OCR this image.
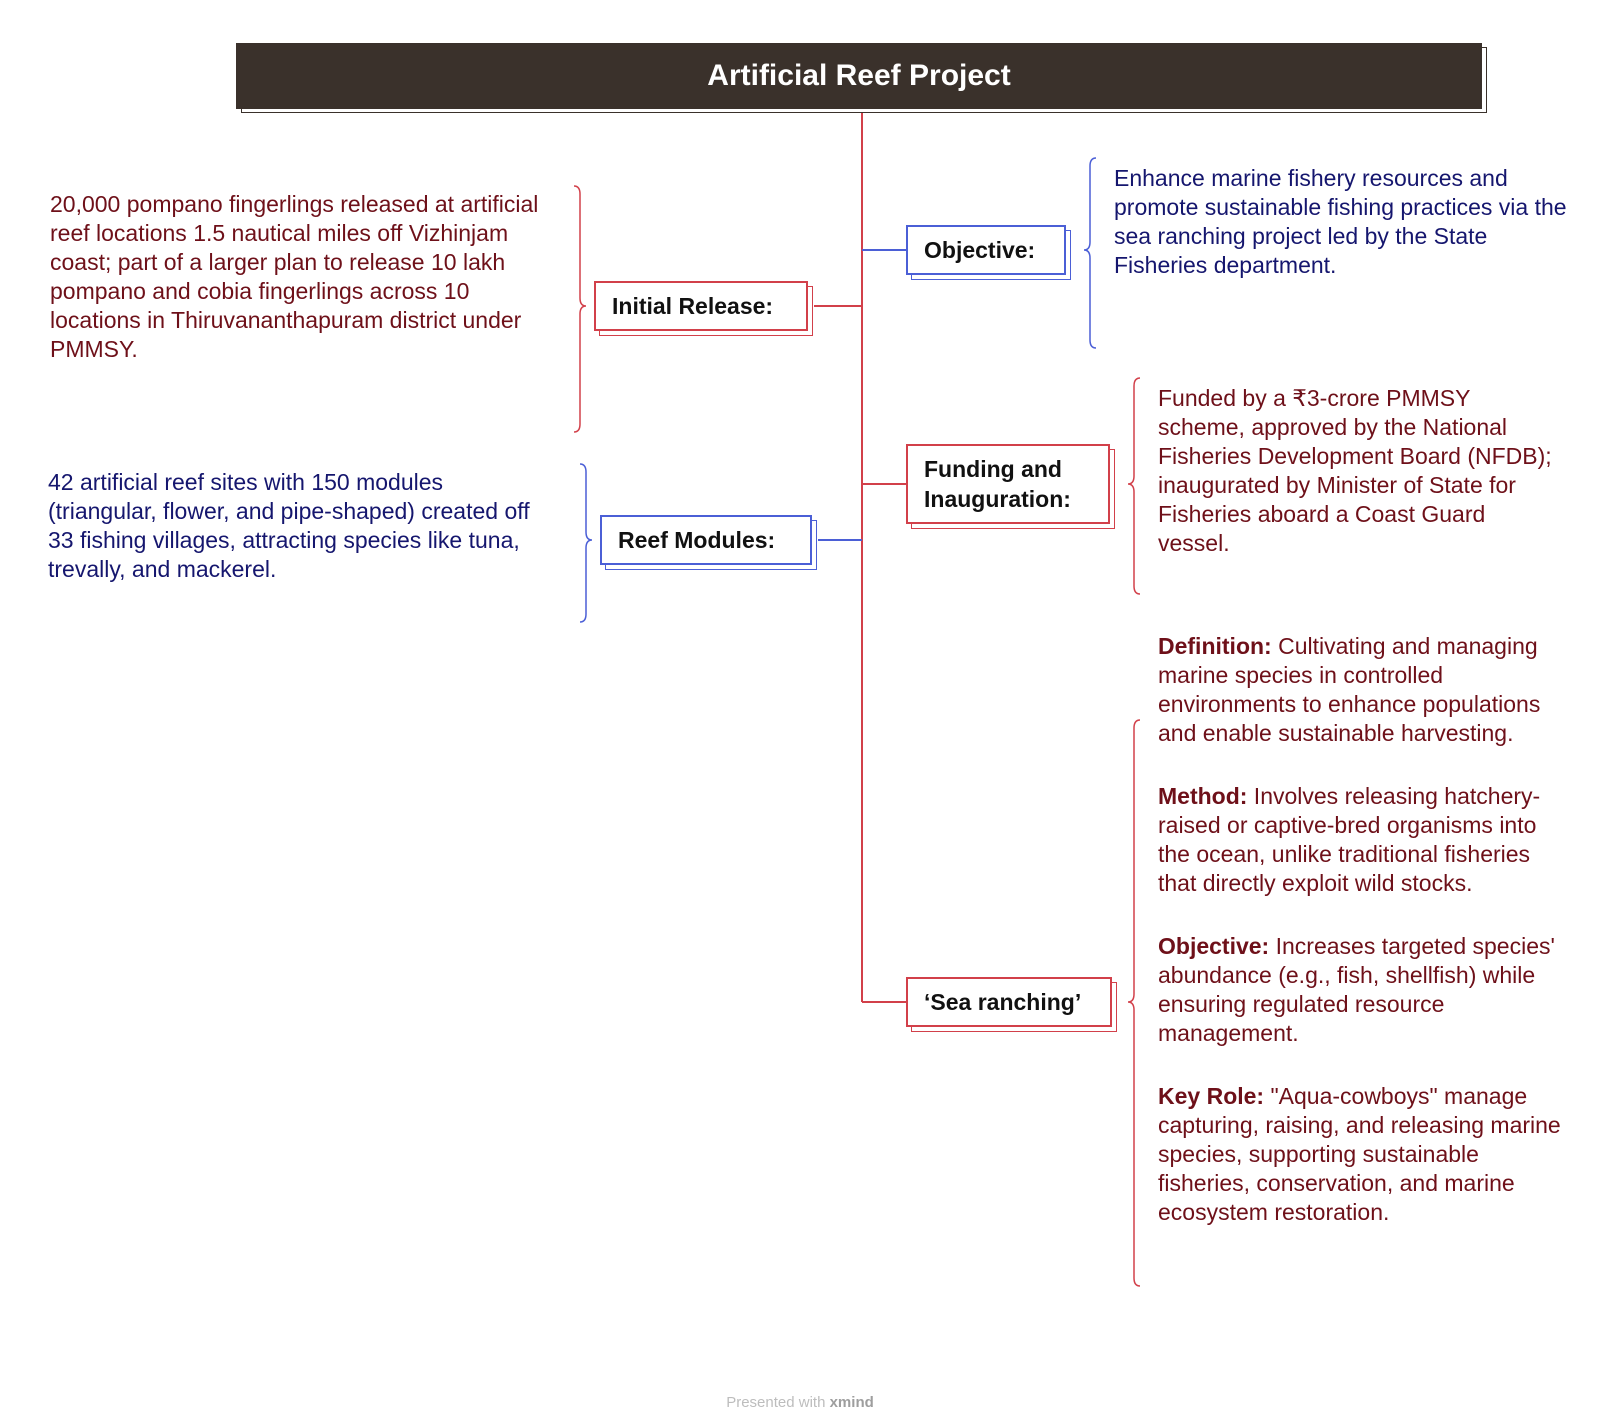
Artificial Reef Project
Initial Release:
20,000 pompano fingerlings released at artificial reef locations 1.5 nautical miles off Vizhinjam coast; part of a larger plan to release 10 lakh pompano and cobia fingerlings across 10 locations in Thiruvananthapuram district under PMMSY.
Reef Modules:
42 artificial reef sites with 150 modules (triangular, flower, and pipe-shaped) created off 33 fishing villages, attracting species like tuna, trevally, and mackerel.
Objective:
Enhance marine fishery resources and promote sustainable fishing practices via the sea ranching project led by the State Fisheries department.
Funding and
Inauguration:
Funded by a ₹3-crore PMMSY scheme, approved by the National Fisheries Development Board (NFDB); inaugurated by Minister of State for Fisheries aboard a Coast Guard vessel.
‘Sea ranching’
Definition: Cultivating and managing marine species in controlled environments to enhance populations and enable sustainable harvesting.
Method: Involves releasing hatchery-raised or captive-bred organisms into the ocean, unlike traditional fisheries that directly exploit wild stocks.
Objective: Increases targeted species' abundance (e.g., fish, shellfish) while ensuring regulated resource management.
Key Role: "Aqua-cowboys" manage capturing, raising, and releasing marine species, supporting sustainable fisheries, conservation, and marine ecosystem restoration.
Presented with xmind
